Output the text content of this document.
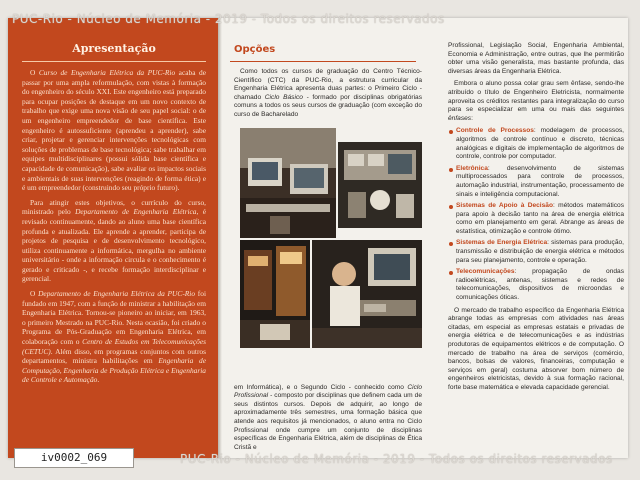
PUC-Rio - Núcleo de Memória - 2019 - Todos os direitos reservados
Apresentação

O Curso de Engenharia Elétrica da PUC-Rio acaba de passar por uma ampla reformulação, com vistas à formação do engenheiro do século XXI. Este engenheiro está preparado para ocupar posições de destaque em um novo contexto de trabalho que exige uma nova visão de seu papel social: o de um engenheiro empreendedor de base científica. Este engenheiro é autossuficiente (aprendeu a aprender), sabe criar, projetar e gerenciar intervenções tecnológicas com soluções de problemas de base tecnológica; sabe trabalhar em equipes multidisciplinares (possui sólida base científica e capacidade de comunicação), sabe avaliar os impactos sociais e ambientais de suas intervenções (reagindo de forma ética) e é um empreendedor (construindo seu próprio futuro).

Para atingir estes objetivos, o currículo do curso, ministrado pelo Departamento de Engenharia Elétrica, é revisado continuamente, dando ao aluno uma base científica profunda e atualizada. Ele aprende a aprender, participa de projetos de pesquisa e de desenvolvimento tecnológico, utiliza continuamente a informática, mergulha no ambiente universitário - onde a informação circula e o conhecimento é gerado e criticado -, e recebe formação interdisciplinar e gerencial.

O Departamento de Engenharia Elétrica da PUC-Rio foi fundado em 1947, com a função de ministrar a habilitação em Engenharia Elétrica. Tornou-se pioneiro ao iniciar, em 1963, o primeiro Mestrado na PUC-Rio. Nesta ocasião, foi criado o Programa de Pós-Graduação em Engenharia Elétrica, em colaboração com o Centro de Estudos em Telecomunicações (CETUC). Além disso, em programas conjuntos com outros departamentos, ministra habilitações em Engenharia de Computação, Engenharia de Produção Elétrica e Engenharia de Controle e Automação.

Opções

Como todos os cursos de graduação do Centro Técnico-Científico (CTC) da PUC-Rio, a estrutura curricular da Engenharia Elétrica apresenta duas partes: o Primeiro Ciclo - chamado Ciclo Básico - formado por disciplinas obrigatórias comuns a todos os seus cursos de graduação (com exceção do curso de Bacharelado

em Informática), e o Segundo Ciclo - conhecido como Ciclo Profissional - composto por disciplinas que definem cada um de seus distintos cursos. Depois de adquirir, ao longo de aproximadamente três semestres, uma formação básica que atende aos requisitos já mencionados, o aluno entra no Ciclo Profissional onde cumpre um conjunto de disciplinas específicas de Engenharia Elétrica, além de disciplinas de Ética Cristã e

Profissional, Legislação Social, Engenharia Ambiental, Economia e Administração, entre outras, que lhe permitirão obter uma visão generalista, mas bastante profunda, das diversas áreas da Engenharia Elétrica.

Embora o aluno possa colar grau sem ênfase, sendo-lhe atribuído o título de Engenheiro Eletricista, normalmente aproveita os créditos restantes para integralização do curso para se especializar em uma ou mais das seguintes ênfases:

Controle de Processos: modelagem de processos, algoritmos de controle contínuo e discreto, técnicas analógicas e digitais de implementação de algoritmos de controle, controle por computador.
Eletrônica: desenvolvimento de sistemas multiprocessados para controle de processos, automação industrial, instrumentação, processamento de sinais e inteligência computacional.
Sistemas de Apoio à Decisão: métodos matemáticos para apoio à decisão tanto na área de energia elétrica como em planejamento em geral. Abrange as áreas de estatística, otimização e controle ótimo.
Sistemas de Energia Elétrica: sistemas para produção, transmissão e distribuição de energia elétrica e métodos para seu planejamento, controle e operação.
Telecomunicações: propagação de ondas radioelétricas, antenas, sistemas e redes de telecomunicações, dispositivos de microondas e comunicações óticas.

O mercado de trabalho específico da Engenharia Elétrica abrange todas as empresas com atividades nas áreas citadas, em especial as empresas estatais e privadas de energia elétrica e de telecomunicações e as indústrias produtoras de equipamentos elétricos e de computação. O mercado de trabalho na área de serviços (comércio, bancos, bolsas de valores, financeiras, computação e serviços em geral) costuma absorver bom número de engenheiros eletricistas, devido à sua formação racional, forte base matemática e elevada capacidade gerencial.

PUC-Rio - Núcleo de Memória - 2019 - Todos os direitos reservados
iv0002_069
